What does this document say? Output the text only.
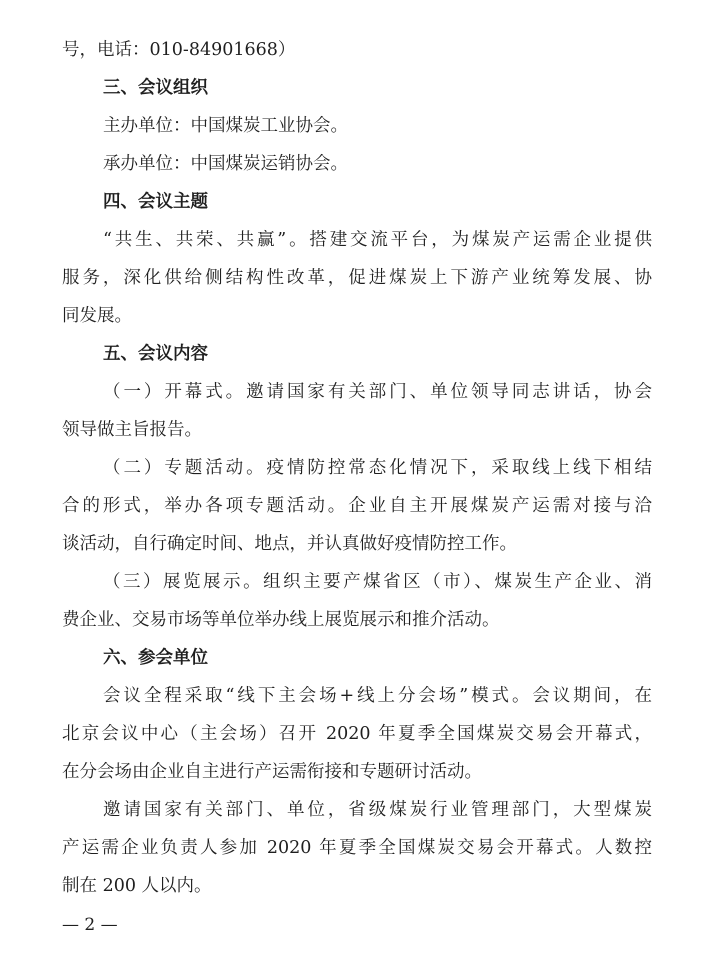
号，电话：010-84901668）
三、会议组织
主办单位：中国煤炭工业协会。
承办单位：中国煤炭运销协会。
四、会议主题
“共生、共荣、共赢”。搭建交流平台，为煤炭产运需企业提供
服务，深化供给侧结构性改革，促进煤炭上下游产业统筹发展、协
同发展。
五、会议内容
（一）开幕式。邀请国家有关部门、单位领导同志讲话，协会
领导做主旨报告。
（二）专题活动。疫情防控常态化情况下，采取线上线下相结
合的形式，举办各项专题活动。企业自主开展煤炭产运需对接与洽
谈活动，自行确定时间、地点，并认真做好疫情防控工作。
（三）展览展示。组织主要产煤省区（市）、煤炭生产企业、消
费企业、交易市场等单位举办线上展览展示和推介活动。
六、参会单位
会议全程采取“线下主会场+线上分会场”模式。会议期间，在
北京会议中心（主会场）召开 2020 年夏季全国煤炭交易会开幕式，
在分会场由企业自主进行产运需衔接和专题研讨活动。
邀请国家有关部门、单位，省级煤炭行业管理部门，大型煤炭
产运需企业负责人参加 2020 年夏季全国煤炭交易会开幕式。人数控
制在 200 人以内。
— 2 —
